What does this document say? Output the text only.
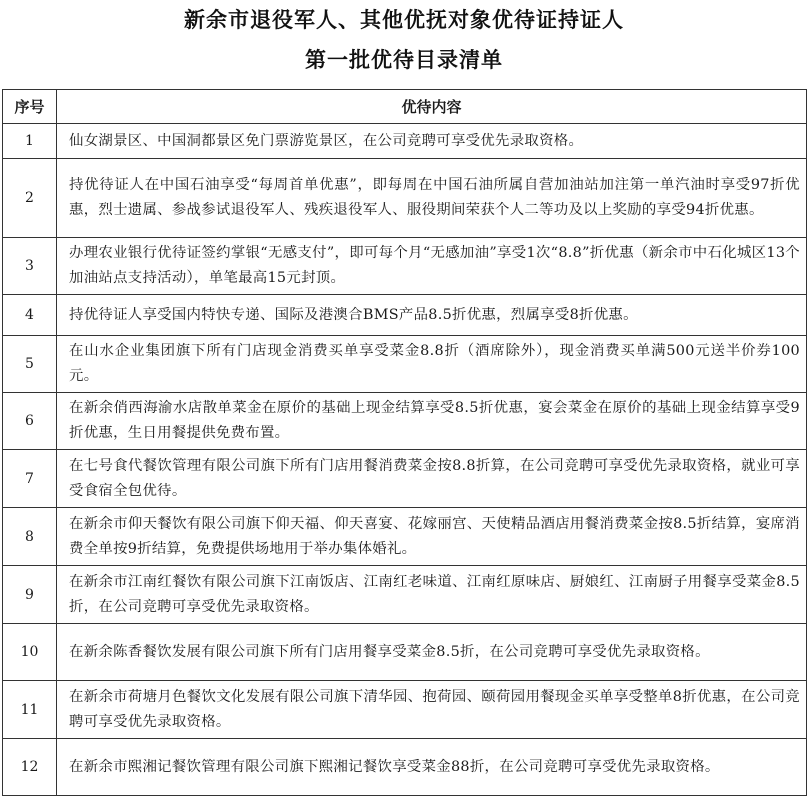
新余市退役军人、其他优抚对象优待证持证人
第一批优待目录清单
序号	优待内容
1	仙女湖景区、中国洞都景区免门票游览景区，在公司竞聘可享受优先录取资格。
2	持优待证人在中国石油享受“每周首单优惠”，即每周在中国石油所属自营加油站加注第一单汽油时享受97折优惠，烈士遗属、参战参试退役军人、残疾退役军人、服役期间荣获个人二等功及以上奖励的享受94折优惠。
3	办理农业银行优待证签约掌银“无感支付”，即可每个月“无感加油”享受1次“8.8”折优惠（新余市中石化城区13个加油站点支持活动），单笔最高15元封顶。
4	持优待证人享受国内特快专递、国际及港澳合BMS产品8.5折优惠，烈属享受8折优惠。
5	在山水企业集团旗下所有门店现金消费买单享受菜金8.8折（酒席除外），现金消费买单满500元送半价券100元。
6	在新余俏西海渝水店散单菜金在原价的基础上现金结算享受8.5折优惠，宴会菜金在原价的基础上现金结算享受9折优惠，生日用餐提供免费布置。
7	在七号食代餐饮管理有限公司旗下所有门店用餐消费菜金按8.8折算，在公司竞聘可享受优先录取资格，就业可享受食宿全包优待。
8	在新余市仰天餐饮有限公司旗下仰天福、仰天喜宴、花嫁丽宫、天使精品酒店用餐消费菜金按8.5折结算，宴席消费全单按9折结算，免费提供场地用于举办集体婚礼。
9	在新余市江南红餐饮有限公司旗下江南饭店、江南红老味道、江南红原味店、厨娘红、江南厨子用餐享受菜金8.5折，在公司竞聘可享受优先录取资格。
10	在新余陈香餐饮发展有限公司旗下所有门店用餐享受菜金8.5折，在公司竞聘可享受优先录取资格。
11	在新余市荷塘月色餐饮文化发展有限公司旗下清华园、抱荷园、颐荷园用餐现金买单享受整单8折优惠，在公司竞聘可享受优先录取资格。
12	在新余市熙湘记餐饮管理有限公司旗下熙湘记餐饮享受菜金88折，在公司竞聘可享受优先录取资格。
